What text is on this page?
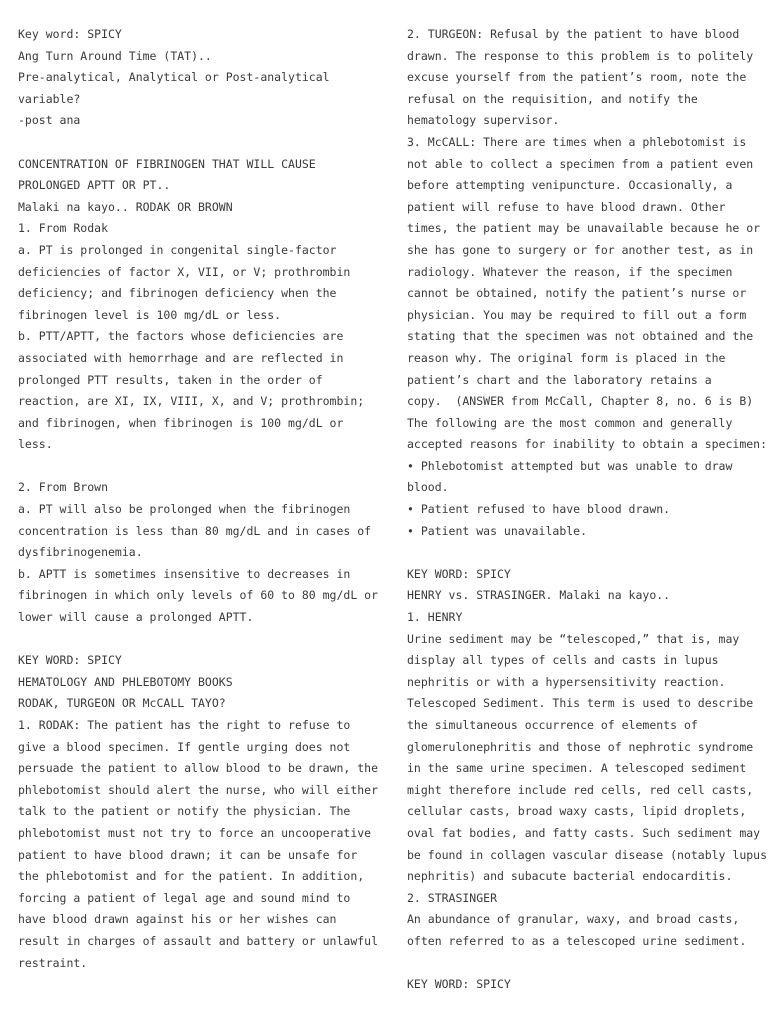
Key word: SPICY
Ang Turn Around Time (TAT)..
Pre-analytical, Analytical or Post-analytical
variable?
-post ana
CONCENTRATION OF FIBRINOGEN THAT WILL CAUSE
PROLONGED APTT OR PT..
Malaki na kayo.. RODAK OR BROWN
1. From Rodak
a. PT is prolonged in congenital single-factor
deficiencies of factor X, VII, or V; prothrombin
deficiency; and fibrinogen deficiency when the
fibrinogen level is 100 mg/dL or less.
b. PTT/APTT, the factors whose deficiencies are
associated with hemorrhage and are reflected in
prolonged PTT results, taken in the order of
reaction, are XI, IX, VIII, X, and V; prothrombin;
and fibrinogen, when fibrinogen is 100 mg/dL or
less.
2. From Brown
a. PT will also be prolonged when the fibrinogen
concentration is less than 80 mg/dL and in cases of
dysfibrinogenemia.
b. APTT is sometimes insensitive to decreases in
fibrinogen in which only levels of 60 to 80 mg/dL or
lower will cause a prolonged APTT.
KEY WORD: SPICY
HEMATOLOGY AND PHLEBOTOMY BOOKS
RODAK, TURGEON OR McCALL TAYO?
1. RODAK: The patient has the right to refuse to
give a blood specimen. If gentle urging does not
persuade the patient to allow blood to be drawn, the
phlebotomist should alert the nurse, who will either
talk to the patient or notify the physician. The
phlebotomist must not try to force an uncooperative
patient to have blood drawn; it can be unsafe for
the phlebotomist and for the patient. In addition,
forcing a patient of legal age and sound mind to
have blood drawn against his or her wishes can
result in charges of assault and battery or unlawful
restraint.
2. TURGEON: Refusal by the patient to have blood
drawn. The response to this problem is to politely
excuse yourself from the patient’s room, note the
refusal on the requisition, and notify the
hematology supervisor.
3. McCALL: There are times when a phlebotomist is
not able to collect a specimen from a patient even
before attempting venipuncture. Occasionally, a
patient will refuse to have blood drawn. Other
times, the patient may be unavailable because he or
she has gone to surgery or for another test, as in
radiology. Whatever the reason, if the specimen
cannot be obtained, notify the patient’s nurse or
physician. You may be required to fill out a form
stating that the specimen was not obtained and the
reason why. The original form is placed in the
patient’s chart and the laboratory retains a
copy.  (ANSWER from McCall, Chapter 8, no. 6 is B)
The following are the most common and generally
accepted reasons for inability to obtain a specimen:
• Phlebotomist attempted but was unable to draw
blood.
• Patient refused to have blood drawn.
• Patient was unavailable.
KEY WORD: SPICY
HENRY vs. STRASINGER. Malaki na kayo..
1. HENRY
Urine sediment may be “telescoped,” that is, may
display all types of cells and casts in lupus
nephritis or with a hypersensitivity reaction.
Telescoped Sediment. This term is used to describe
the simultaneous occurrence of elements of
glomerulonephritis and those of nephrotic syndrome
in the same urine specimen. A telescoped sediment
might therefore include red cells, red cell casts,
cellular casts, broad waxy casts, lipid droplets,
oval fat bodies, and fatty casts. Such sediment may
be found in collagen vascular disease (notably lupus
nephritis) and subacute bacterial endocarditis.
2. STRASINGER
An abundance of granular, waxy, and broad casts,
often referred to as a telescoped urine sediment.
KEY WORD: SPICY
